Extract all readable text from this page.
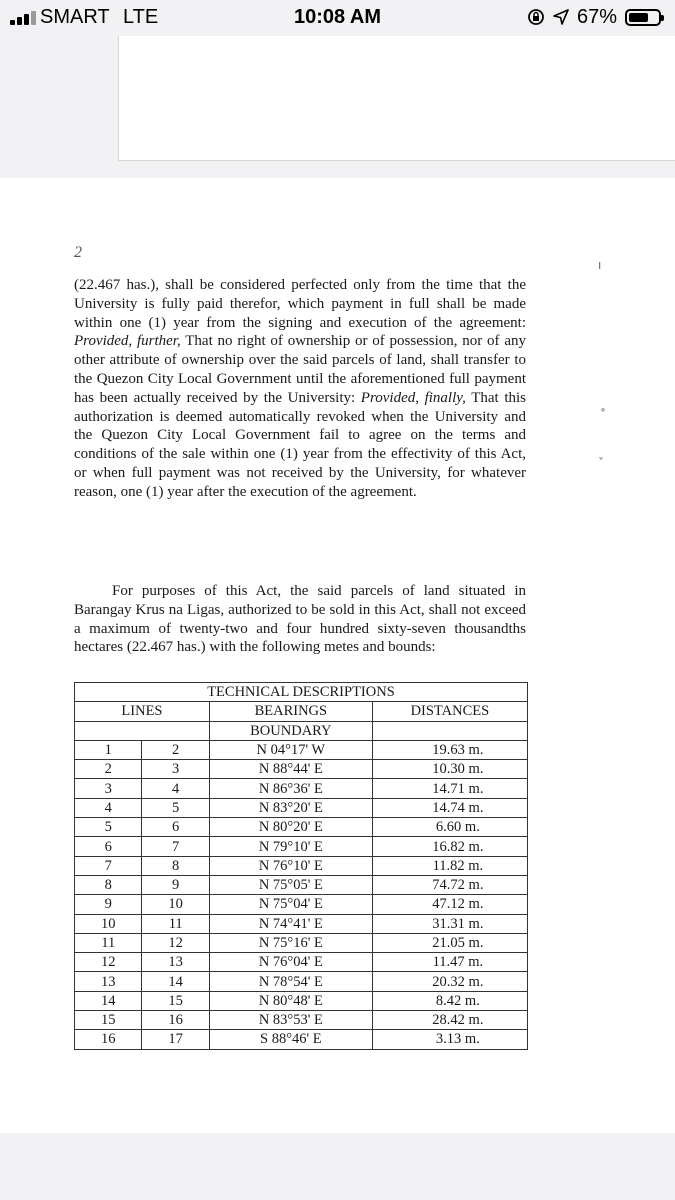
SMART LTE	10:08 AM	67%
2

(22.467 has.), shall be considered perfected only from the time that the University is fully paid therefor, which payment in full shall be made within one (1) year from the signing and execution of the agreement: Provided, further, That no right of ownership or of possession, nor of any other attribute of ownership over the said parcels of land, shall transfer to the Quezon City Local Government until the aforementioned full payment has been actually received by the University: Provided, finally, That this authorization is deemed automatically revoked when the University and the Quezon City Local Government fail to agree on the terms and conditions of the sale within one (1) year from the effectivity of this Act, or when full payment was not received by the University, for whatever reason, one (1) year after the execution of the agreement.

For purposes of this Act, the said parcels of land situated in Barangay Krus na Ligas, authorized to be sold in this Act, shall not exceed a maximum of twenty-two and four hundred sixty-seven thousandths hectares (22.467 has.) with the following metes and bounds:

TECHNICAL DESCRIPTIONS			
LINES		BEARINGS	DISTANCES
		BOUNDARY	
1	2	N 04°17' W	19.63 m.
2	3	N 88°44' E	10.30 m.
3	4	N 86°36' E	14.71 m.
4	5	N 83°20' E	14.74 m.
5	6	N 80°20' E	6.60 m.
6	7	N 79°10' E	16.82 m.
7	8	N 76°10' E	11.82 m.
8	9	N 75°05' E	74.72 m.
9	10	N 75°04' E	47.12 m.
10	11	N 74°41' E	31.31 m.
11	12	N 75°16' E	21.05 m.
12	13	N 76°04' E	11.47 m.
13	14	N 78°54' E	20.32 m.
14	15	N 80°48' E	8.42 m.
15	16	N 83°53' E	28.42 m.
16	17	S 88°46' E	3.13 m.
ı
˚
ˇ
